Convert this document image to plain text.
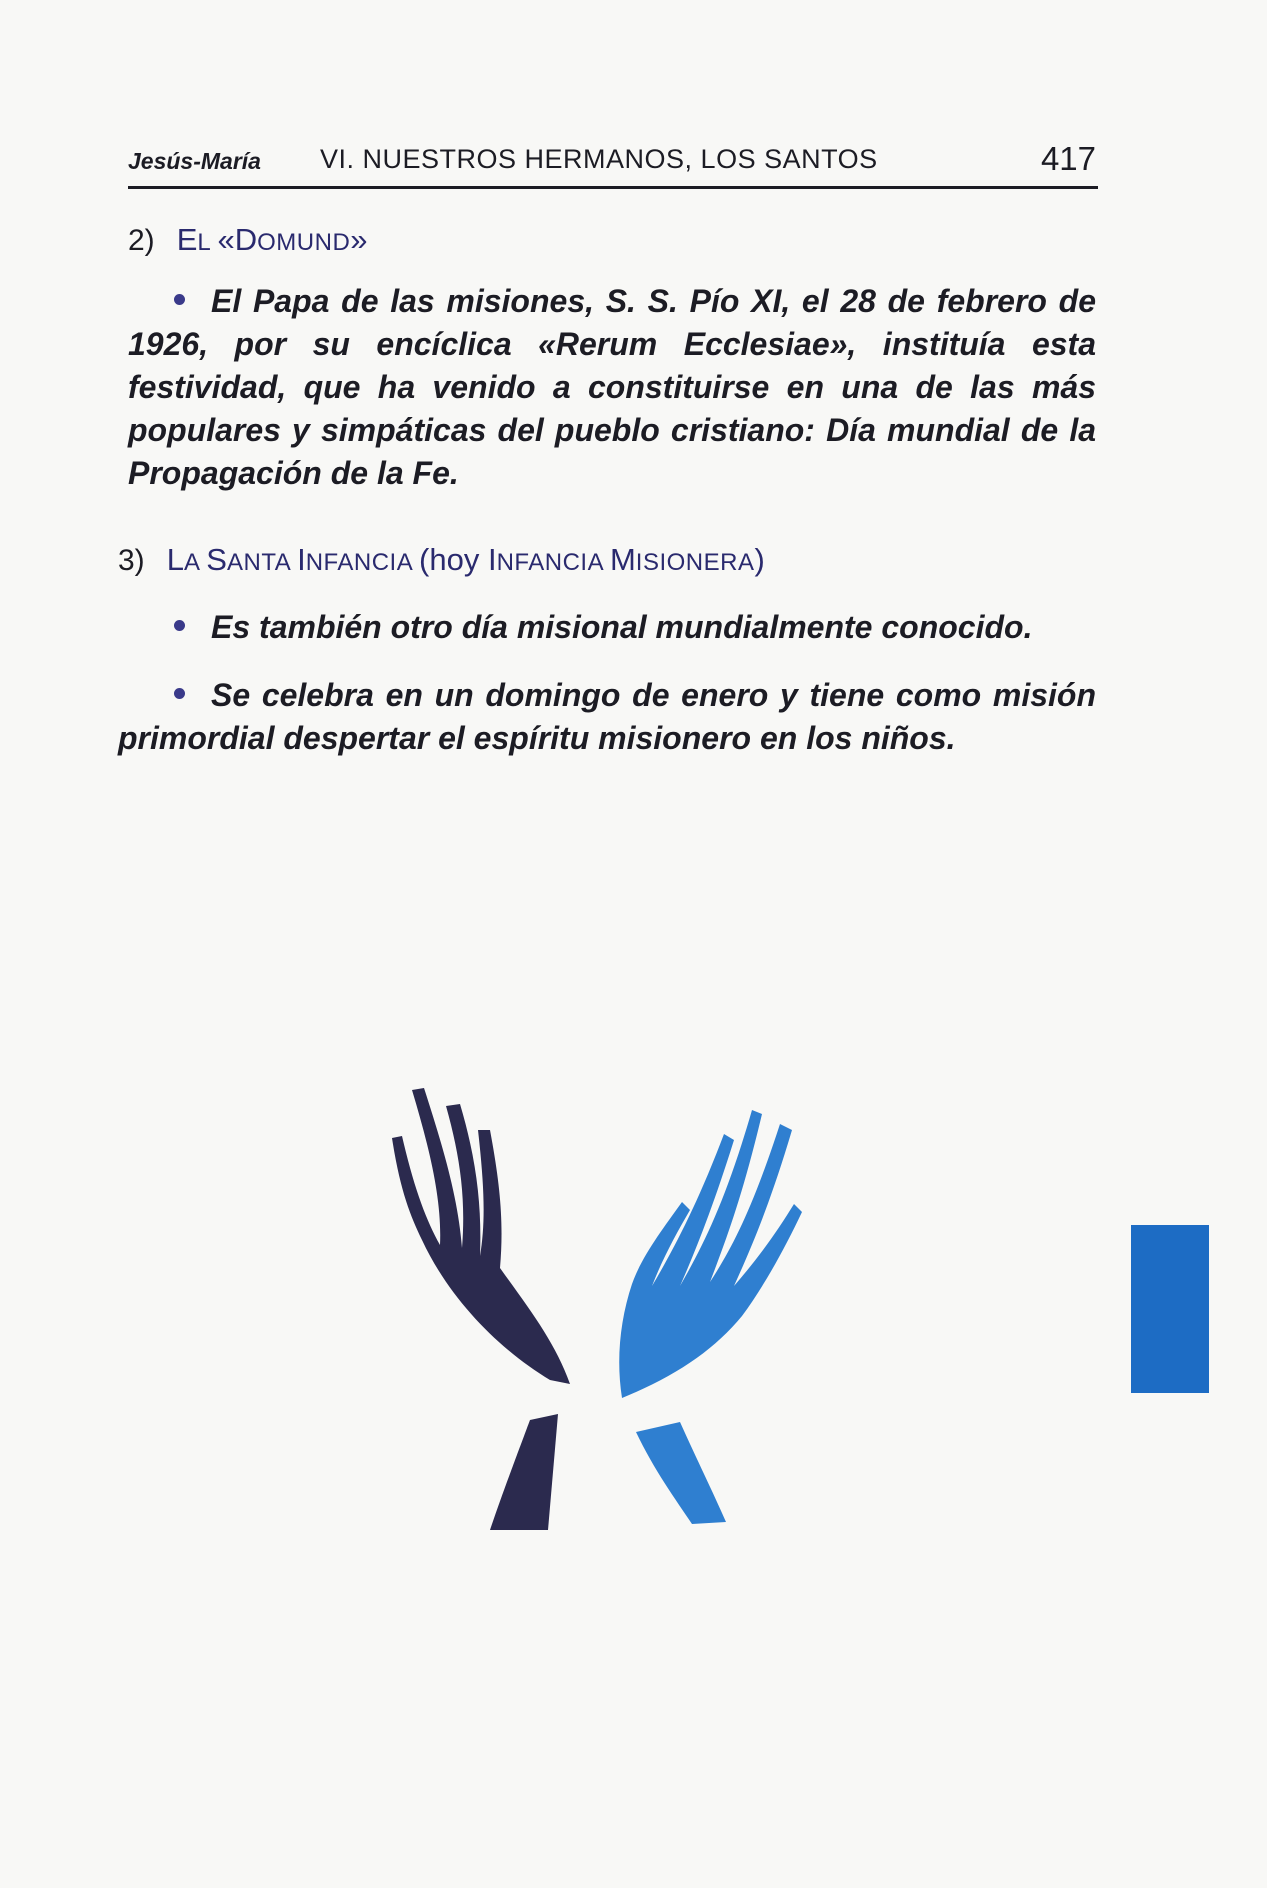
Jesús-María VI. NUESTROS HERMANOS, LOS SANTOS	417
2) EL «DOMUND»
El Papa de las misiones, S. S. Pío XI, el 28 de febrero de 1926, por su encíclica «Rerum Ecclesiae», instituía esta festividad, que ha venido a constituirse en una de las más populares y simpáticas del pueblo cristiano: Día mundial de la Propagación de la Fe.
3) LA SANTA INFANCIA (hoy INFANCIA MISIONERA)
Es también otro día misional mundialmente conocido.
Se celebra en un domingo de enero y tiene como misión primordial despertar el espíritu misionero en los niños.
